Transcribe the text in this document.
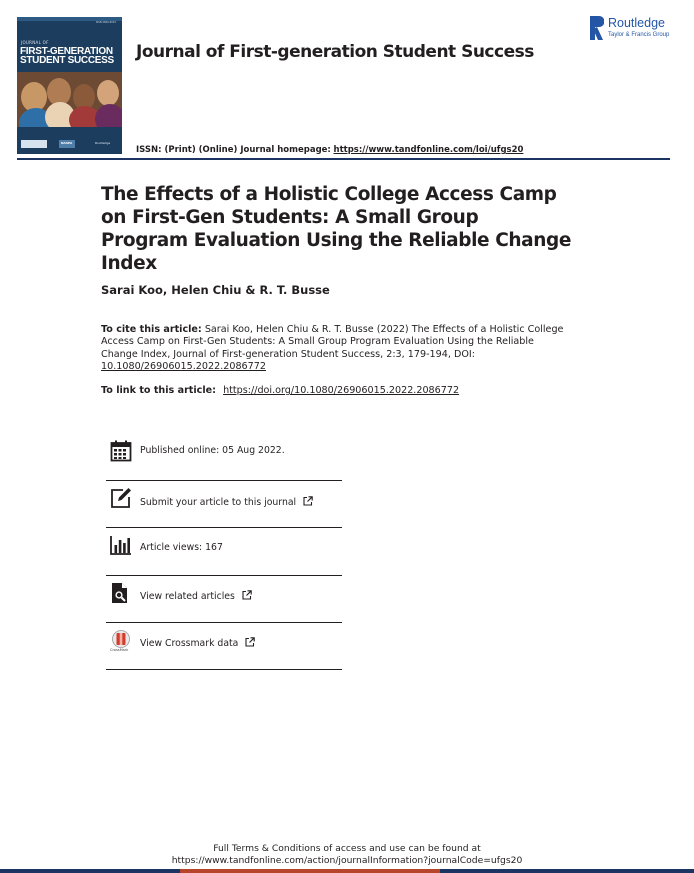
ISSN 2690-6015
JOURNAL OF
FIRST-GENERATION
STUDENT SUCCESS
NASPA	Routledge
Journal of First-generation Student Success
ISSN: (Print) (Online) Journal homepage: https://www.tandfonline.com/loi/ufgs20
Routledge
Taylor & Francis Group
The Effects of a Holistic College Access Camp on First-Gen Students: A Small Group Program Evaluation Using the Reliable Change Index
Sarai Koo, Helen Chiu & R. T. Busse
To cite this article: Sarai Koo, Helen Chiu & R. T. Busse (2022) The Effects of a Holistic College Access Camp on First-Gen Students: A Small Group Program Evaluation Using the Reliable Change Index, Journal of First-generation Student Success, 2:3, 179-194, DOI:
10.1080/26906015.2022.2086772
To link to this article: https://doi.org/10.1080/26906015.2022.2086772
Published online: 05 Aug 2022.
Submit your article to this journal
Article views: 167
View related articles
CrossMark
View Crossmark data
Full Terms & Conditions of access and use can be found at
https://www.tandfonline.com/action/journalInformation?journalCode=ufgs20
